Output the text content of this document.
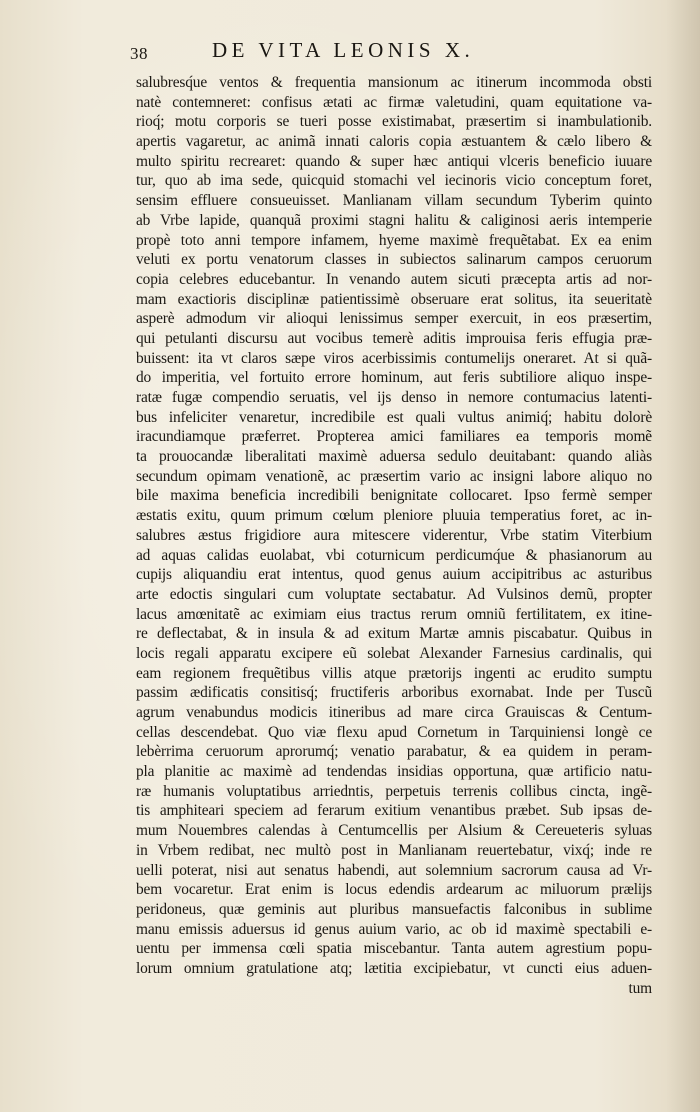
38	DE VITA LEONIS X.
salubresq́ue ventos & frequentia mansionum ac itinerum incommoda obsti
natè contemneret: confisus ætati ac firmæ valetudini, quam equitatione va-
rioq́; motu corporis se tueri posse existimabat, præsertim si inambulationib.
apertis vagaretur, ac animã innati caloris copia æstuantem & cælo libero &
multo spiritu recrearet: quando & super hæc antiqui vlceris beneficio iuuare
tur, quo ab ima sede, quicquid stomachi vel iecinoris vicio conceptum foret,
sensim effluere consueuisset. Manlianam villam secundum Tyberim quinto
ab Vrbe lapide, quanquã proximi stagni halitu & caliginosi aeris intemperie
propè toto anni tempore infamem, hyeme maximè frequẽtabat. Ex ea enim
veluti ex portu venatorum classes in subiectos salinarum campos ceruorum
copia celebres educebantur. In venando autem sicuti præcepta artis ad nor-
mam exactioris disciplinæ patientissimè obseruare erat solitus, ita seueritatè
asperè admodum vir alioqui lenissimus semper exercuit, in eos præsertim,
qui petulanti discursu aut vocibus temerè aditis improuisa feris effugia præ-
buissent: ita vt claros sæpe viros acerbissimis contumelijs oneraret. At si quã-
do imperitia, vel fortuito errore hominum, aut feris subtiliore aliquo inspe-
ratæ fugæ compendio seruatis, vel ijs denso in nemore contumacius latenti-
bus infeliciter venaretur, incredibile est quali vultus animiq́; habitu dolorè
iracundiamque præferret. Propterea amici familiares ea temporis momẽ
ta prouocandæ liberalitati maximè aduersa sedulo deuitabant: quando aliàs
secundum opimam venationẽ, ac præsertim vario ac insigni labore aliquo no
bile maxima beneficia incredibili benignitate collocaret. Ipso fermè semper
æstatis exitu, quum primum cœlum pleniore pluuia temperatius foret, ac in-
salubres æstus frigidiore aura mitescere viderentur, Vrbe statim Viterbium
ad aquas calidas euolabat, vbi coturnicum perdicumq́ue & phasianorum au
cupijs aliquandiu erat intentus, quod genus auium accipitribus ac asturibus
arte edoctis singulari cum voluptate sectabatur. Ad Vulsinos demũ, propter
lacus amœnitatẽ ac eximiam eius tractus rerum omniũ fertilitatem, ex itine-
re deflectabat, & in insula & ad exitum Martæ amnis piscabatur. Quibus in
locis regali apparatu excipere eũ solebat Alexander Farnesius cardinalis, qui
eam regionem frequẽtibus villis atque prætorijs ingenti ac erudito sumptu
passim ædificatis consitisq́; fructiferis arboribus exornabat. Inde per Tuscũ
agrum venabundus modicis itineribus ad mare circa Grauiscas & Centum-
cellas descendebat. Quo viæ flexu apud Cornetum in Tarquiniensi longè ce
lebèrrima ceruorum aprorumq́; venatio parabatur, & ea quidem in peram-
pla planitie ac maximè ad tendendas insidias opportuna, quæ artificio natu-
ræ humanis voluptatibus arriedntis, perpetuis terrenis collibus cincta, ingẽ-
tis amphiteari speciem ad ferarum exitium venantibus præbet. Sub ipsas de-
mum Nouembres calendas à Centumcellis per Alsium & Cereueteris syluas
in Vrbem redibat, nec multò post in Manlianam reuertebatur, vixq́; inde re
uelli poterat, nisi aut senatus habendi, aut solemnium sacrorum causa ad Vr-
bem vocaretur. Erat enim is locus edendis ardearum ac miluorum prælijs
peridoneus, quæ geminis aut pluribus mansuefactis falconibus in sublime
manu emissis aduersus id genus auium vario, ac ob id maximè spectabili e-
uentu per immensa cœli spatia miscebantur. Tanta autem agrestium popu-
lorum omnium gratulatione atq; lætitia excipiebatur, vt cuncti eius aduen-
tum
